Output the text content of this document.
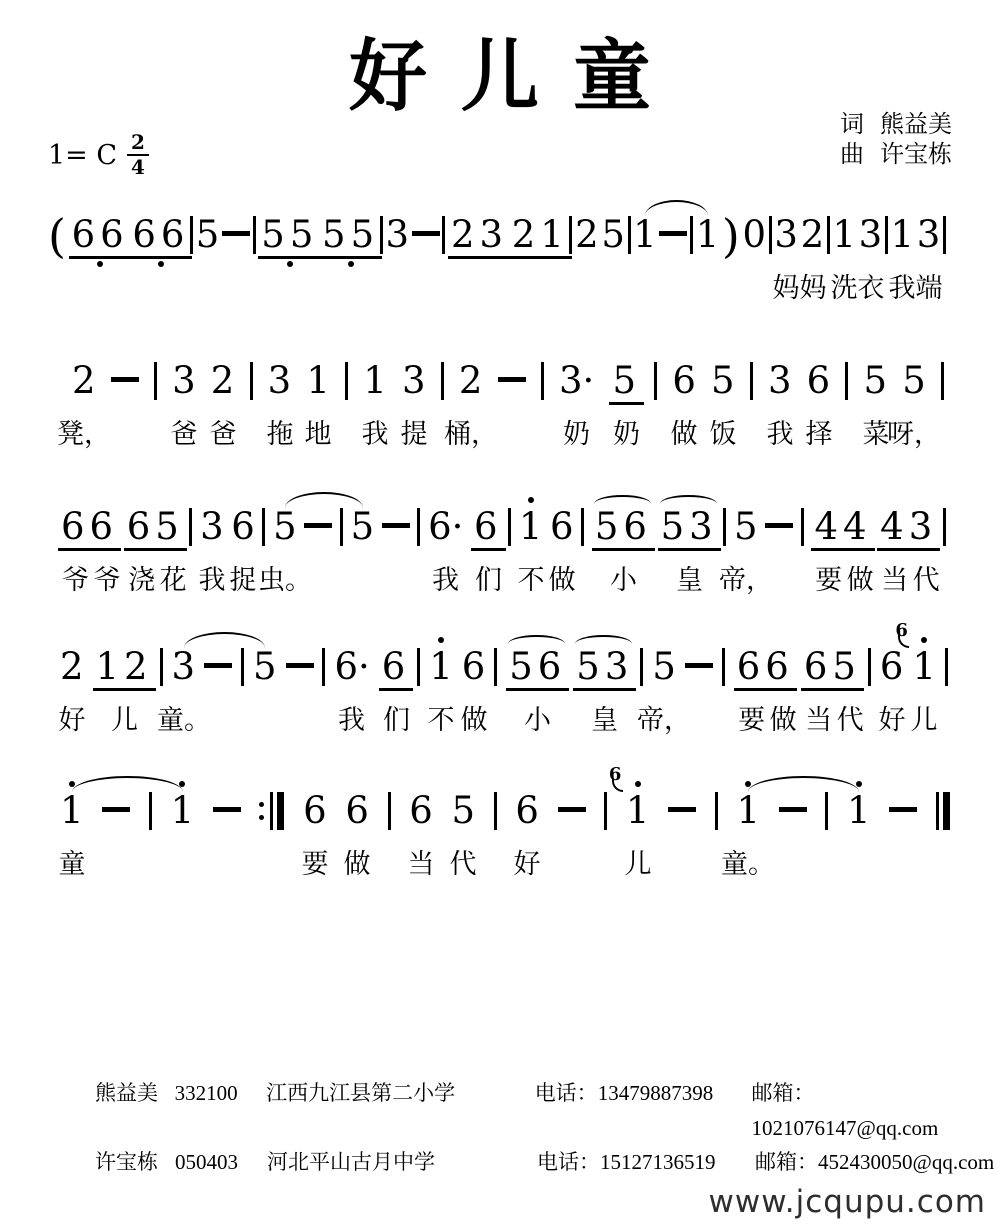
好儿童
1= C $\frac{2}{4}$
词 熊益美
曲 许宝栋
( 66 66 5 55 55 3 23 21 2 5 1 1 ) 0 3 2 1 3 1 3
妈 妈 洗 衣 我 端
2 3 2 3 1 1 3 2 3· 5 6 5 3 6 5 5
凳， 爸 爸 拖 地 我 提 桶， 奶 奶 做 饭 我 择 菜
呀，
66 65 3 6 5 5 6· 6 1 6 56 53 5 44 43
爷 爷 浇 花 我 捉 虫。	我 们 不 做 小 皇 帝， 要 做 当 代
2 12 3 5 6· 6 1 6 56 53 5 66 65 6 1
6
好 儿 童。	我 们 不 做 小 皇 帝， 要 做 当 代 好 儿
1 1	6 6 6 5 6 1
6
1 1
童	要 做 当 代 好	儿	童。
熊益美 332100	江西九江县第二小学	电话：13479887398	邮箱：1021076147@qq.com
许宝栋 050403	河北平山古月中学	电话：15127136519	邮箱：452430050@qq.com
www.jcqupu.com
